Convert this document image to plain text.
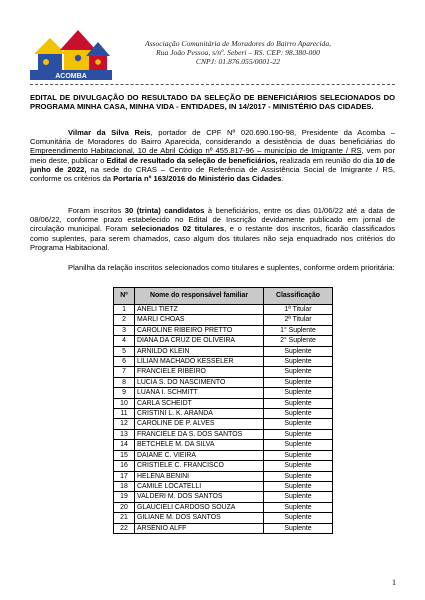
ACOMBA
Associação Comunitária de Moradores do Bairro Aparecida,
Rua João Pessoa, s/nº. Seberi – RS. CEP: 98.380-000
CNPJ: 01.876.055/0001-22
EDITAL DE DIVULGAÇÃO DO RESULTADO DA SELEÇÃO DE BENEFICIÁRIOS SELECIONADOS DO PROGRAMA MINHA CASA, MINHA VIDA - ENTIDADES, IN 14/2017 - MINISTÉRIO DAS CIDADES.
Vilmar da Silva Reis, portador de CPF Nº 020.690.190-98, Presidente da Acomba – Comunitária de Moradores do Bairro Aparecida, considerando a desistência de duas beneficiárias do Empreendimento Habitacional, 10 de Abril Código nº 455.817-96 – município de Imigrante / RS, vem por meio deste, publicar o Edital de resultado da seleção de beneficiários, realizada em reunião do dia 10 de junho de 2022, na sede do CRAS – Centro de Referência de Assistência Social de Imigrante / RS, conforme os critérios da Portaria nº 163/2016 do Ministério das Cidades.
Foram inscritos 30 (trinta) candidatos à beneficiários, entre os dias 01/06/22 até a data de 08/06/22, conforme prazo estabelecido no Edital de Inscrição devidamente publicado em jornal de circulação municipal. Foram selecionados 02 titulares, e o restante dos inscritos, ficarão classificados como suplentes, para serem chamados, caso algum dos titulares não seja enquadrado nos critérios do Programa Habitacional.
Planilha da relação inscritos selecionados como titulares e suplentes, conforme ordem prioritária:
Nº	Nome do responsável familiar	Classificação
1	ANELI TIETZ	1ª Titular
2	MARLI CHOAS	2ª Titular
3	CAROLINE RIBEIRO PRETTO	1° Suplente
4	DIANA DA CRUZ DE OLIVEIRA	2° Suplente
5	ARNILDO KLEIN	Suplente
6	LILIAN MACHADO KESSELER	Suplente
7	FRANCIELE RIBEIRO	Suplente
8	LUCIA S. DO NASCIMENTO	Suplente
9	LUANA I. SCHMITT	Suplente
10	CARLA SCHEIDT	Suplente
11	CRISTINI L. K. ARANDA	Suplente
12	CAROLINE DE P. ALVES	Suplente
13	FRANCIELE DA S. DOS SANTOS	Suplente
14	BETCHELE M. DA SILVA	Suplente
15	DAIANE C. VIEIRA	Suplente
16	CRISTIELE C. FRANCISCO	Suplente
17	HELENA BENINI	Suplente
18	CAMILE LOCATELLI	Suplente
19	VALDERI M. DOS SANTOS	Suplente
20	GLAUCIELI CARDOSO SOUZA	Suplente
21	GILIANE M. DOS SANTOS	Suplente
22	ARSENIO ALFF	Suplente
1
